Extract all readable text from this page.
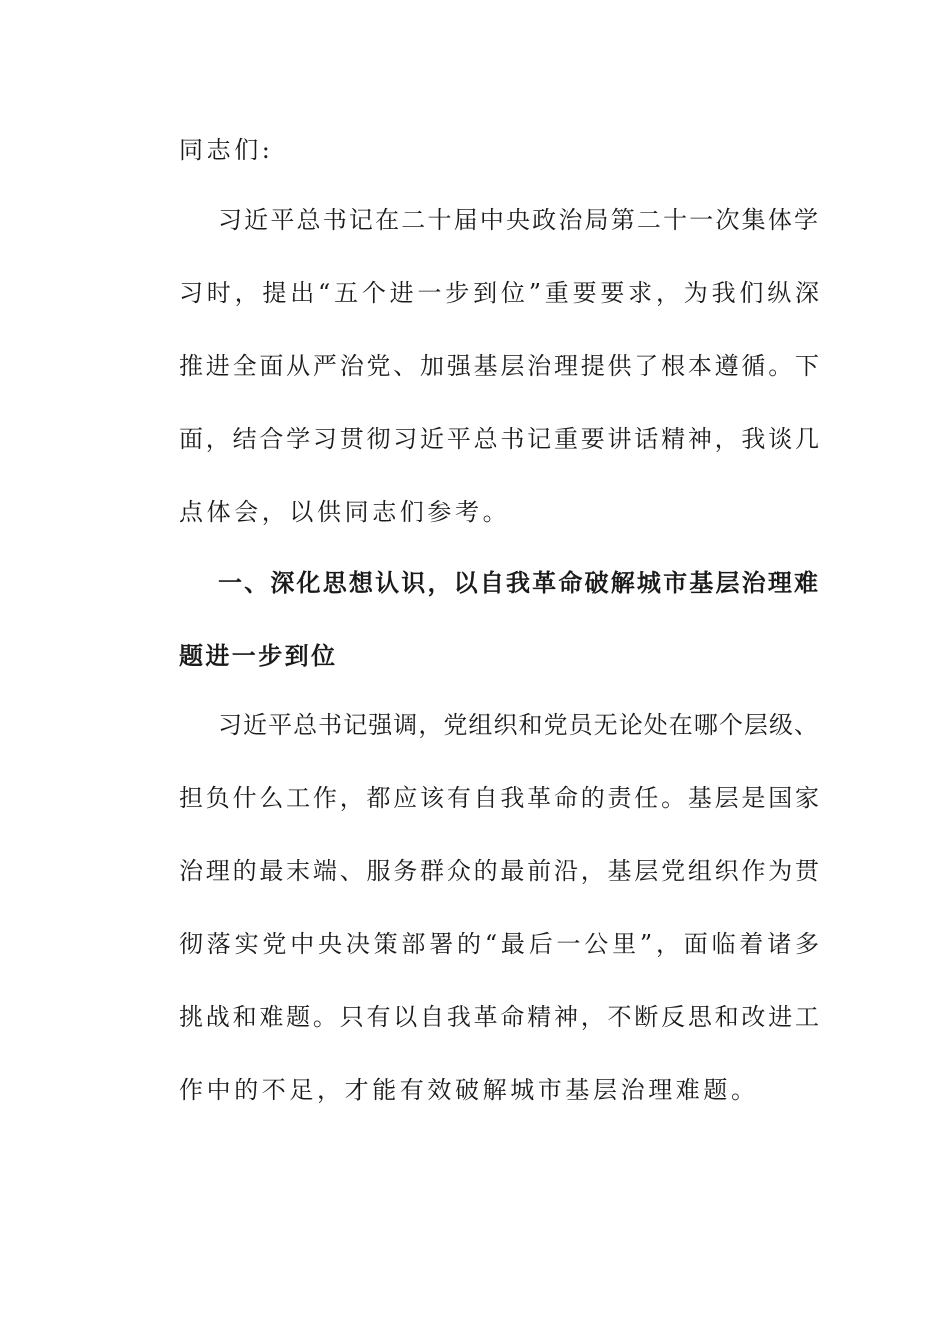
同志们:
习近平总书记在二十届中央政治局第二十一次集体学
习时，提出“五个进一步到位”重要要求，为我们纵深
推进全面从严治党、加强基层治理提供了根本遵循。下
面，结合学习贯彻习近平总书记重要讲话精神，我谈几
点体会，以供同志们参考。
一、深化思想认识，以自我革命破解城市基层治理难
题进一步到位
习近平总书记强调，党组织和党员无论处在哪个层级、
担负什么工作，都应该有自我革命的责任。基层是国家
治理的最末端、服务群众的最前沿，基层党组织作为贯
彻落实党中央决策部署的“最后一公里”，面临着诸多
挑战和难题。只有以自我革命精神，不断反思和改进工
作中的不足，才能有效破解城市基层治理难题。
